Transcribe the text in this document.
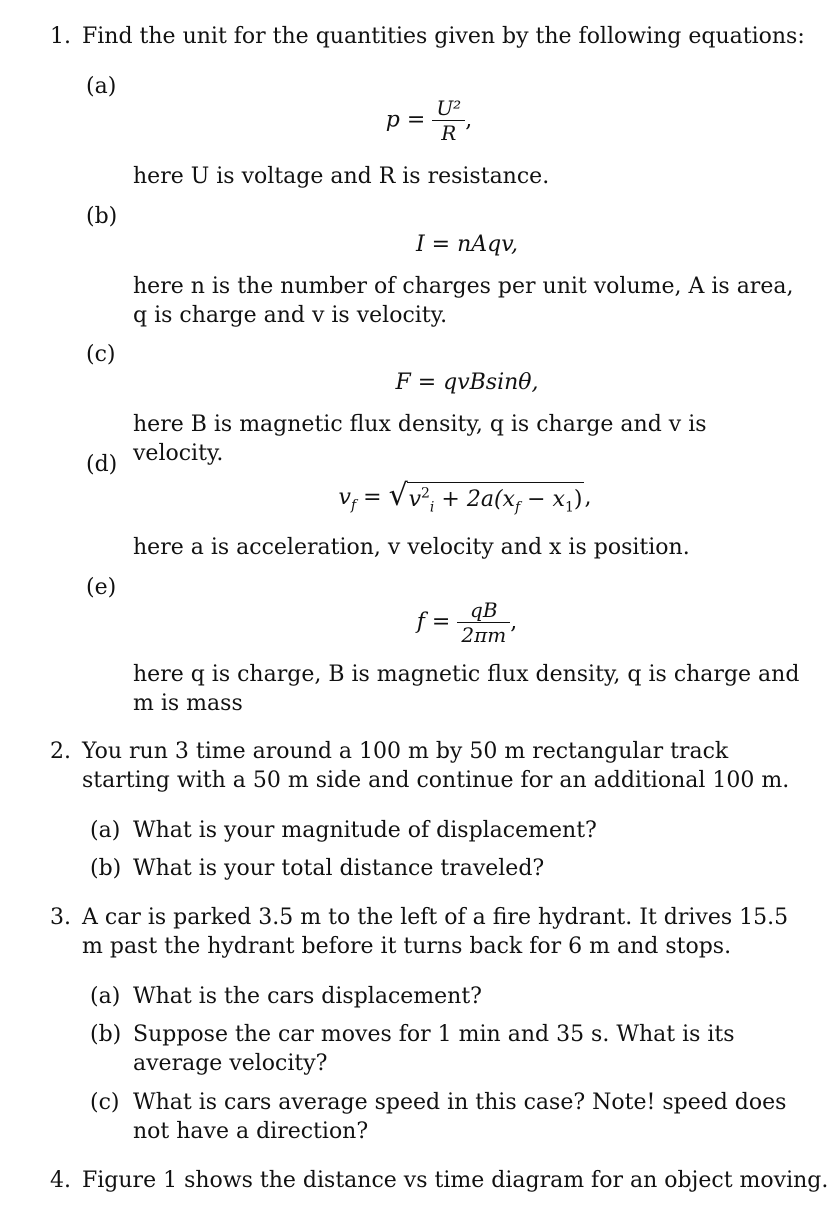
1. Find the unit for the quantities given by the following equations:
(a)
$p = \frac{\text{U²}}{R}$ ,
here U is voltage and R is resistance.
(b)
I = nAqv,
here n is the number of charges per unit volume, A is area, q is charge and v is velocity.
(c)
F = qvBsinθ,
here B is magnetic flux density, q is charge and v is velocity.
(d)
$v_f$ = √ $v^2_i + 2a(x_f - x_1)$,
here a is acceleration, v velocity and x is position.
(e)
$f = \frac{qB}{2\pi m}$ ,
here q is charge, B is magnetic flux density, q is charge and m is mass
2. You run 3 time around a 100 m by 50 m rectangular track starting with a 50 m side and continue for an additional 100 m.
(a) What is your magnitude of displacement?
(b) What is your total distance traveled?
3. A car is parked 3.5 m to the left of a fire hydrant. It drives 15.5 m past the hydrant before it turns back for 6 m and stops.
(a) What is the cars displacement?
(b) Suppose the car moves for 1 min and 35 s. What is its average velocity?
(c) What is cars average speed in this case? Note! speed does not have a direction?
4. Figure 1 shows the distance vs time diagram for an object moving.
